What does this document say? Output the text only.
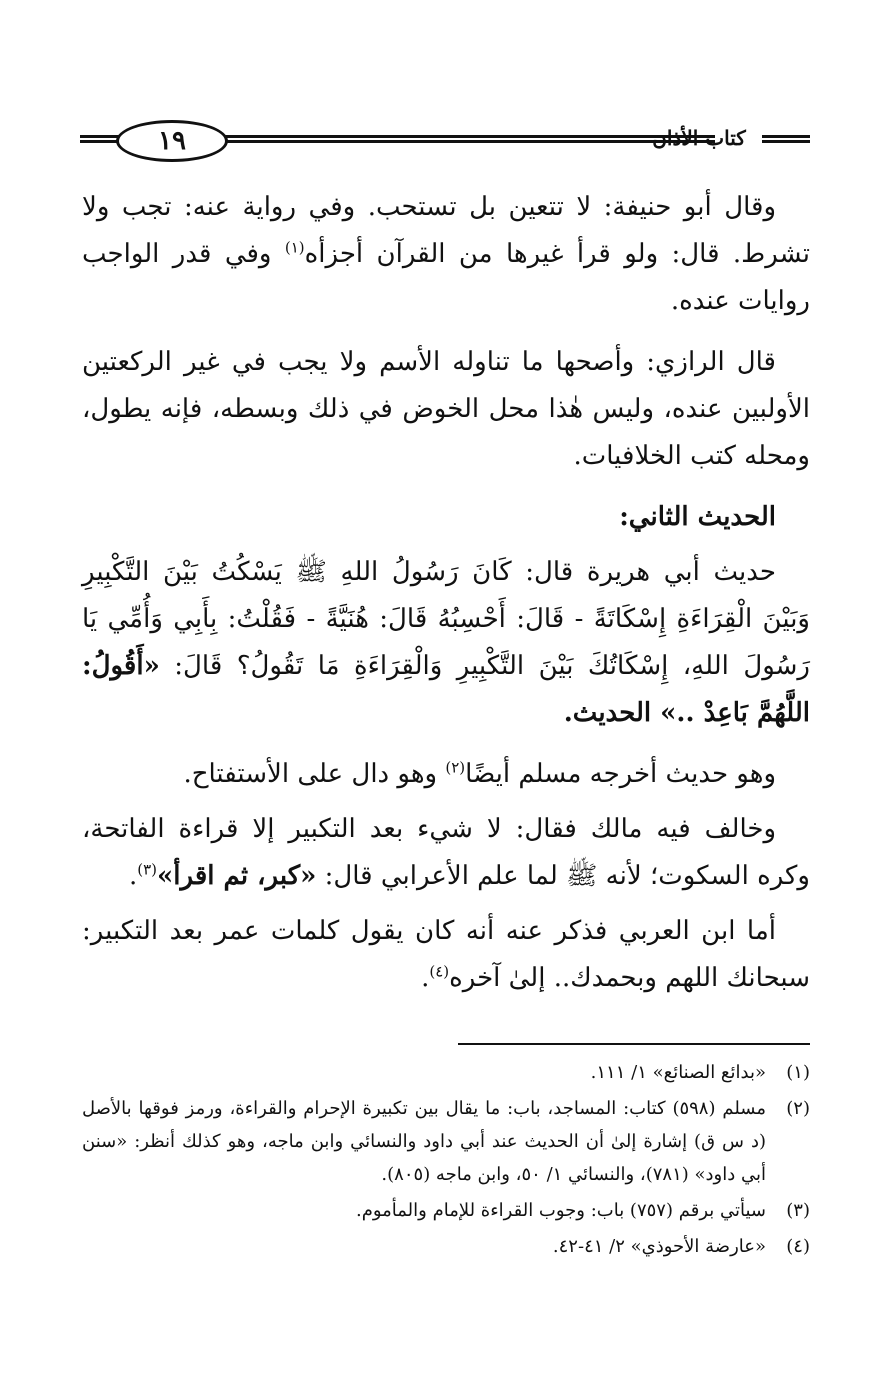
١٩	كتاب الأذان

وقال أبو حنيفة: لا تتعين بل تستحب. وفي رواية عنه: تجب ولا تشرط. قال: ولو قرأ غيرها من القرآن أجزأه$^{(١)}$ وفي قدر الواجب روايات عنده.

قال الرازي: وأصحها ما تناوله الأسم ولا يجب في غير الركعتين الأولبين عنده، وليس هٰذا محل الخوض في ذلك وبسطه، فإنه يطول، ومحله كتب الخلافيات.

الحديث الثاني:

حديث أبي هريرة قال: كَانَ رَسُولُ اللهِ ﷺ يَسْكُتُ بَيْنَ التَّكْبِيرِ وَبَيْنَ الْقِرَاءَةِ إِسْكَاتَةً - قَالَ: أَحْسِبُهُ قَالَ: هُنَيَّةً - فَقُلْتُ: بِأَبِي وَأُمِّي يَا رَسُولَ اللهِ، إِسْكَاتُكَ بَيْنَ التَّكْبِيرِ وَالْقِرَاءَةِ مَا تَقُولُ؟ قَالَ: «أَقُولُ: اللَّهُمَّ بَاعِدْ ..» الحديث.

وهو حديث أخرجه مسلم أيضًا$^{(٢)}$ وهو دال على الأستفتاح.

وخالف فيه مالك فقال: لا شيء بعد التكبير إلا قراءة الفاتحة، وكره السكوت؛ لأنه ﷺ لما علم الأعرابي قال: «كبر، ثم اقرأ»$^{(٣)}$.

أما ابن العربي فذكر عنه أنه كان يقول كلمات عمر بعد التكبير: سبحانك اللهم وبحمدك.. إلىٰ آخره$^{(٤)}$.

(١)
«بدائع الصنائع» ١/ ١١١.
(٢)
مسلم (٥٩٨) كتاب: المساجد، باب: ما يقال بين تكبيرة الإحرام والقراءة، ورمز فوقها بالأصل (د س ق) إشارة إلىٰ أن الحديث عند أبي داود والنسائي وابن ماجه، وهو كذلك أنظر: «سنن أبي داود» (٧٨١)، والنسائي ١/ ٥٠، وابن ماجه (٨٠٥).
(٣)
سيأتي برقم (٧٥٧) باب: وجوب القراءة للإمام والمأموم.
(٤)
«عارضة الأحوذي» ٢/ ٤١-٤٢.
